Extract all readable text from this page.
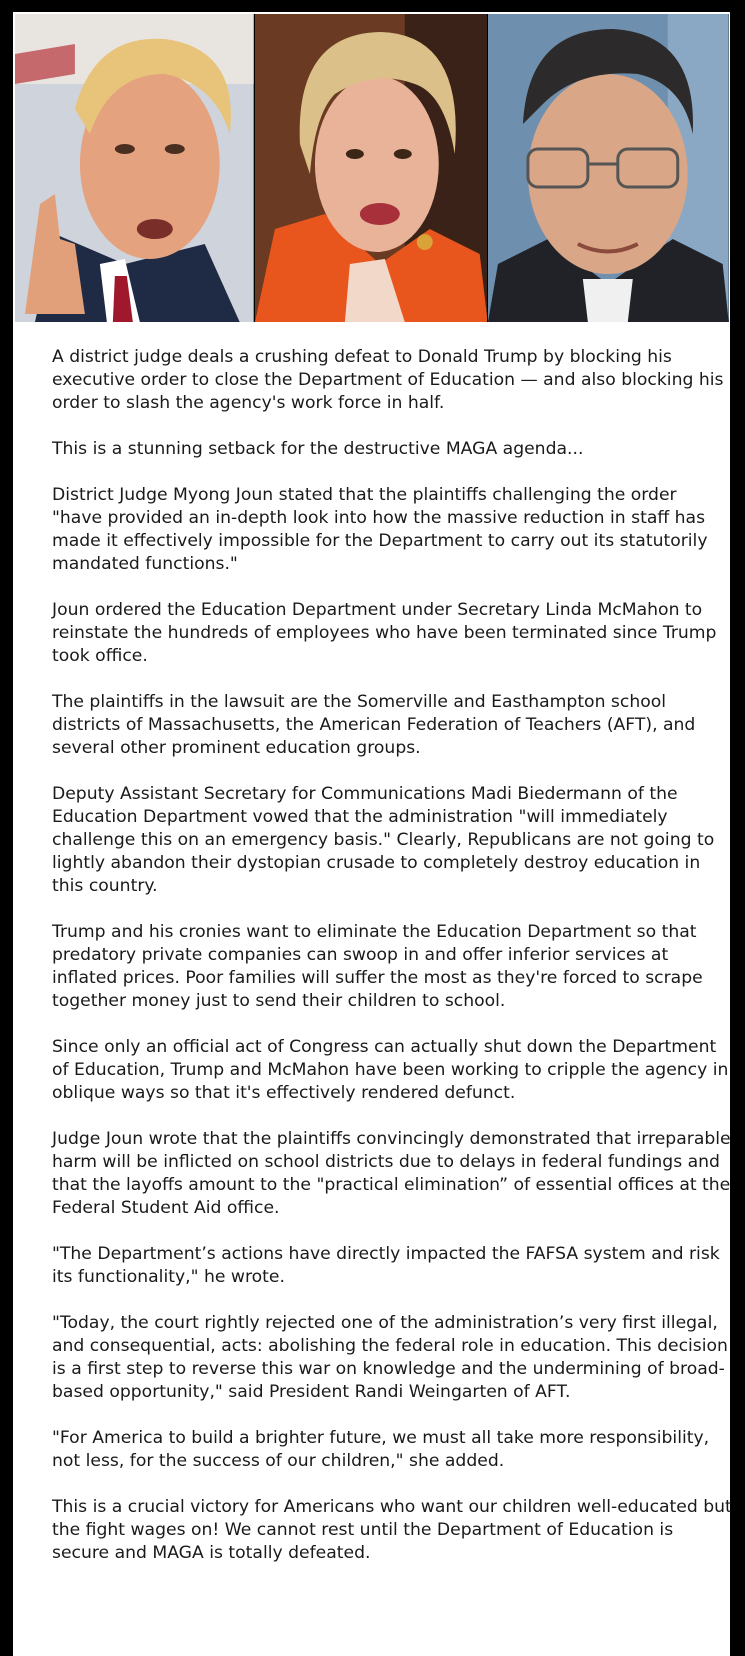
A district judge deals a crushing defeat to Donald Trump by blocking his executive order to close the Department of Education — and also blocking his order to slash the agency's work force in half.

This is a stunning setback for the destructive MAGA agenda...

District Judge Myong Joun stated that the plaintiffs challenging the order "have provided an in-depth look into how the massive reduction in staff has made it effectively impossible for the Department to carry out its statutorily mandated functions."

Joun ordered the Education Department under Secretary Linda McMahon to reinstate the hundreds of employees who have been terminated since Trump took office.

The plaintiffs in the lawsuit are the Somerville and Easthampton school districts of Massachusetts, the American Federation of Teachers (AFT), and several other prominent education groups.

Deputy Assistant Secretary for Communications Madi Biedermann of the Education Department vowed that the administration "will immediately challenge this on an emergency basis." Clearly, Republicans are not going to lightly abandon their dystopian crusade to completely destroy education in this country.

Trump and his cronies want to eliminate the Education Department so that predatory private companies can swoop in and offer inferior services at inflated prices. Poor families will suffer the most as they're forced to scrape together money just to send their children to school.

Since only an official act of Congress can actually shut down the Department of Education, Trump and McMahon have been working to cripple the agency in oblique ways so that it's effectively rendered defunct.

Judge Joun wrote that the plaintiffs convincingly demonstrated that irreparable harm will be inflicted on school districts due to delays in federal fundings and that the layoffs amount to the "practical elimination” of essential offices at the Federal Student Aid office.

"The Department’s actions have directly impacted the FAFSA system and risk its functionality," he wrote.

"Today, the court rightly rejected one of the administration’s very first illegal, and consequential, acts: abolishing the federal role in education. This decision is a first step to reverse this war on knowledge and the undermining of broad-based opportunity," said President Randi Weingarten of AFT.

"For America to build a brighter future, we must all take more responsibility, not less, for the success of our children," she added.

This is a crucial victory for Americans who want our children well-educated but the fight wages on! We cannot rest until the Department of Education is secure and MAGA is totally defeated.
